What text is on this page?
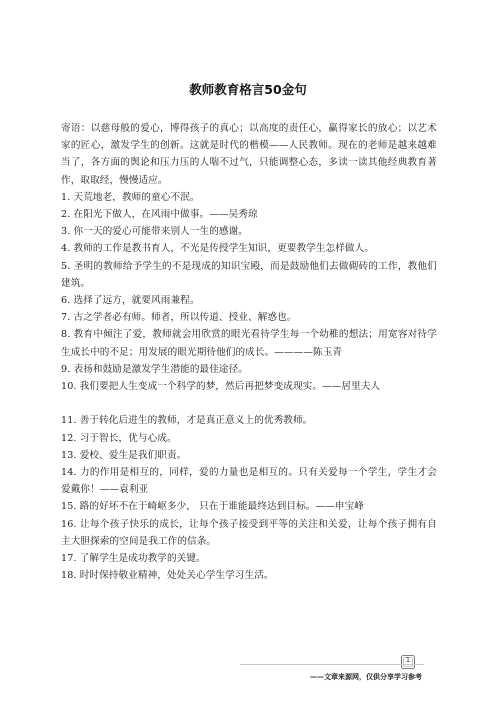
教师教育格言50金句

寄语：以慈母般的爱心，博得孩子的真心；以高度的责任心，赢得家长的放心；以艺术家的匠心，激发学生的创新。这就是时代的楷模——人民教师。现在的老师是越来越难当了，各方面的舆论和压力压的人喘不过气，只能调整心态，多读一读其他经典教育著作，取取经，慢慢适应。

1. 天荒地老，教师的童心不泯。

2. 在阳光下做人，在风雨中做事。——吴秀琼

3. 你一天的爱心可能带来别人一生的感谢。

4. 教师的工作是教书育人，不光是传授学生知识，更要教学生怎样做人。

5. 圣明的教师给予学生的不是现成的知识宝殿，而是鼓励他们去做砌砖的工作，教他们建筑。

6. 选择了远方，就要风雨兼程。

7. 古之学者必有师。师者，所以传道、授业、解惑也。

8. 教育中倾注了爱，教师就会用欣赏的眼光看待学生每一个幼稚的想法；用宽容对待学生成长中的不足；用发展的眼光期待他们的成长。————陈玉青

9. 表扬和鼓励是激发学生潜能的最佳途径。

10. 我们要把人生变成一个科学的梦，然后再把梦变成现实。——居里夫人

11. 善于转化后进生的教师，才是真正意义上的优秀教师。

12. 习于智长，优与心成。

13. 爱校、爱生是我们职责。

14. 力的作用是相互的，同样，爱的力量也是相互的。只有关爱每一个学生，学生才会爱戴你！——袁利亚

15. 路的好坏不在于崎岖多少， 只在于谁能最终达到目标。——申宝峰

16. 让每个孩子快乐的成长，让每个孩子接受到平等的关注和关爱，让每个孩子拥有自主大胆探索的空间是我工作的信条。

17. 了解学生是成功教学的关键。

18. 时时保持敬业精神，处处关心学生学习生活。

1
——文章来源网，仅供分享学习参考
